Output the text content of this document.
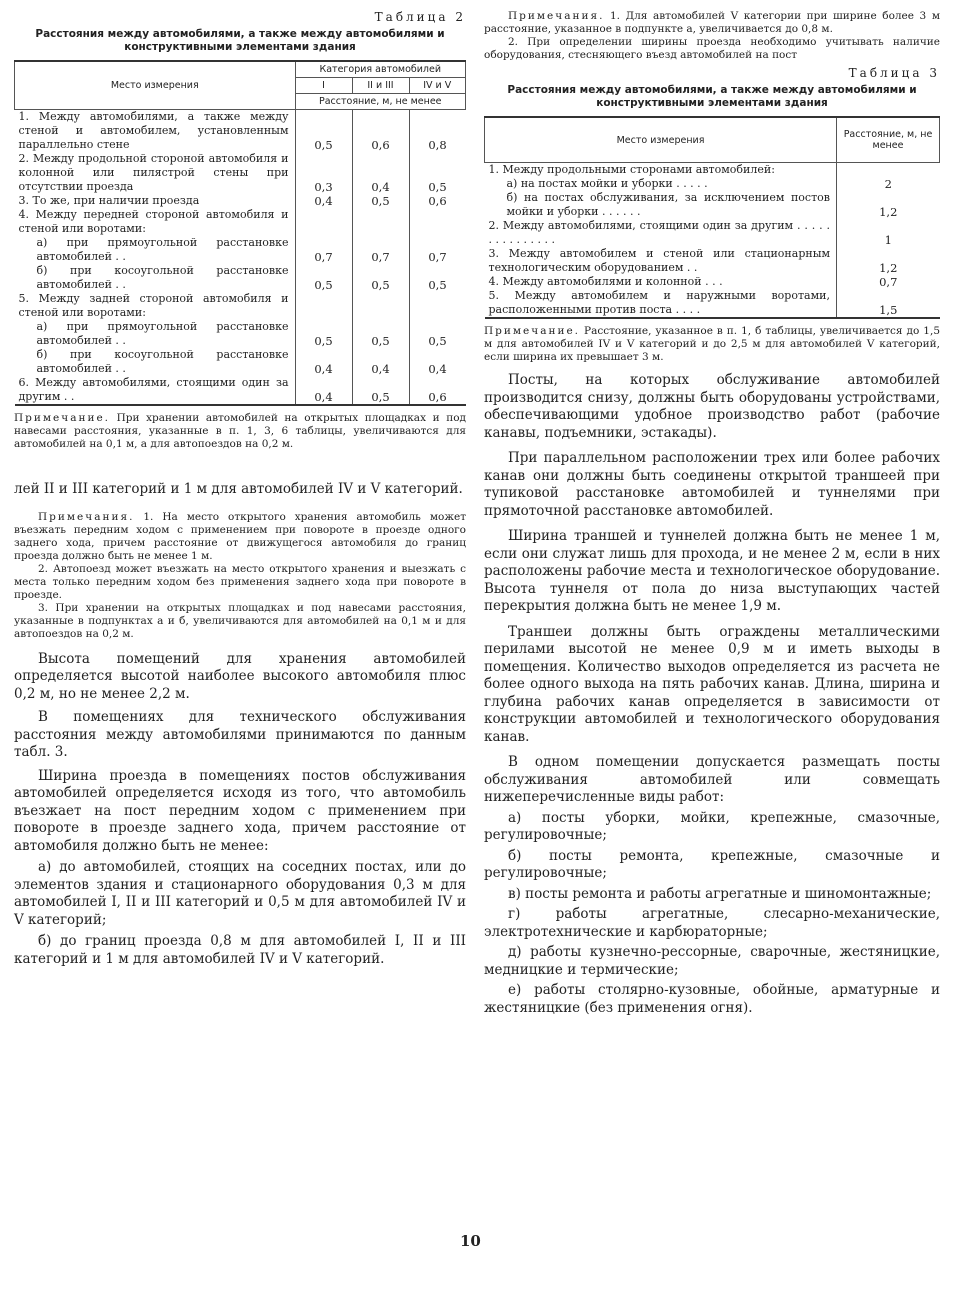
Таблица 2
Расстояния между автомобилями, а также между автомобилями и конструктивными элементами здания
Место измерения	Категория автомобилей		
	I	II и III	IV и V
	Расстояние, м, не менее		

1. Между автомобилями, а также между стеной и автомобилем, установленным параллельно стене	0,5	0,6	0,8

2. Между продольной стороной автомобиля и колонной или пилястрой стены при отсутствии проезда	0,3	0,4	0,5

3. То же, при наличии проезда	0,4	0,5	0,6

4. Между передней стороной автомобиля и стеной или воротами:			

а) при прямоугольной расстановке автомобилей . .	0,7	0,7	0,7

б) при косоугольной расстановке автомобилей . .	0,5	0,5	0,5

5. Между задней стороной автомобиля и стеной или воротами:			

а) при прямоугольной расстановке автомобилей . .	0,5	0,5	0,5

б) при косоугольной расстановке автомобилей . .	0,4	0,4	0,4

6. Между автомобилями, стоящими один за другим . .	0,4	0,5	0,6
Примечание. При хранении автомобилей на открытых площадках и под навесами расстояния, указанные в п. 1, 3, 6 таблицы, увеличиваются для автомобилей на 0,1 м, а для автопоездов на 0,2 м.

лей II и III категорий и 1 м для автомобилей IV и V категорий.

Примечания. 1. На место открытого хранения автомобиль может въезжать передним ходом с применением при повороте в проезде одного заднего хода, причем расстояние от движущегося автомобиля до границ проезда должно быть не менее 1 м.
2. Автопоезд может въезжать на место открытого хранения и выезжать с места только передним ходом без применения заднего хода при повороте в проезде.
3. При хранении на открытых площадках и под навесами расстояния, указанные в подпунктах а и б, увеличиваются для автомобилей на 0,1 м и для автопоездов на 0,2 м.

Высота помещений для хранения автомобилей определяется высотой наиболее высокого автомобиля плюс 0,2 м, но не менее 2,2 м.

В помещениях для технического обслуживания расстояния между автомобилями принимаются по данным табл. 3.

Ширина проезда в помещениях постов обслуживания автомобилей определяется исходя из того, что автомобиль въезжает на пост передним ходом с применением при повороте в проезде заднего хода, причем расстояние от автомобиля должно быть не менее:

а) до автомобилей, стоящих на соседних постах, или до элементов здания и стационарного оборудования 0,3 м для автомобилей I, II и III категорий и 0,5 м для автомобилей IV и V категорий;

б) до границ проезда 0,8 м для автомобилей I, II и III категорий и 1 м для автомобилей IV и V категорий.

Примечания. 1. Для автомобилей V категории при ширине более 3 м расстояние, указанное в подпункте а, увеличивается до 0,8 м.
2. При определении ширины проезда необходимо учитывать наличие оборудования, стесняющего въезд автомобилей на пост
Таблица 3
Расстояния между автомобилями, а также между автомобилями и конструктивными элементами здания
Место измерения	Расстояние, м, не менее

1. Между продольными сторонами автомобилей:	

а) на постах мойки и уборки . . . . .	2

б) на постах обслуживания, за исключением постов мойки и уборки . . . . . .	1,2

2. Между автомобилями, стоящими один за другим . . . . . . . . . . . . . . .	1

3. Между автомобилем и стеной или стационарным технологическим оборудованием . .	1,2

4. Между автомобилями и колонной . . .	0,7

5. Между автомобилем и наружными воротами, расположенными против поста . . . .	1,5
Примечание. Расстояние, указанное в п. 1, б таблицы, увеличивается до 1,5 м для автомобилей IV и V категорий и до 2,5 м для автомобилей V категорий, если ширина их превышает 3 м.

Посты, на которых обслуживание автомобилей производится снизу, должны быть оборудованы устройствами, обеспечивающими удобное производство работ (рабочие канавы, подъемники, эстакады).

При параллельном расположении трех или более рабочих канав они должны быть соединены открытой траншеей при тупиковой расстановке автомобилей и туннелями при прямоточной расстановке автомобилей.

Ширина траншей и туннелей должна быть не менее 1 м, если они служат лишь для прохода, и не менее 2 м, если в них расположены рабочие места и технологическое оборудование. Высота туннеля от пола до низа выступающих частей перекрытия должна быть не менее 1,9 м.

Траншеи должны быть ограждены металлическими перилами высотой не менее 0,9 м и иметь выходы в помещения. Количество выходов определяется из расчета не более одного выхода на пять рабочих канав. Длина, ширина и глубина рабочих канав определяется в зависимости от конструкции автомобилей и технологического оборудования канав.

В одном помещении допускается размещать посты обслуживания автомобилей или совмещать нижеперечисленные виды работ:

а) посты уборки, мойки, крепежные, смазочные, регулировочные;

б) посты ремонта, крепежные, смазочные и регулировочные;

в) посты ремонта и работы агрегатные и шиномонтажные;

г) работы агрегатные, слесарно-механические, электротехнические и карбюраторные;

д) работы кузнечно-рессорные, сварочные, жестяницкие, медницкие и термические;

е) работы столярно-кузовные, обойные, арматурные и жестяницкие (без применения огня).

10
